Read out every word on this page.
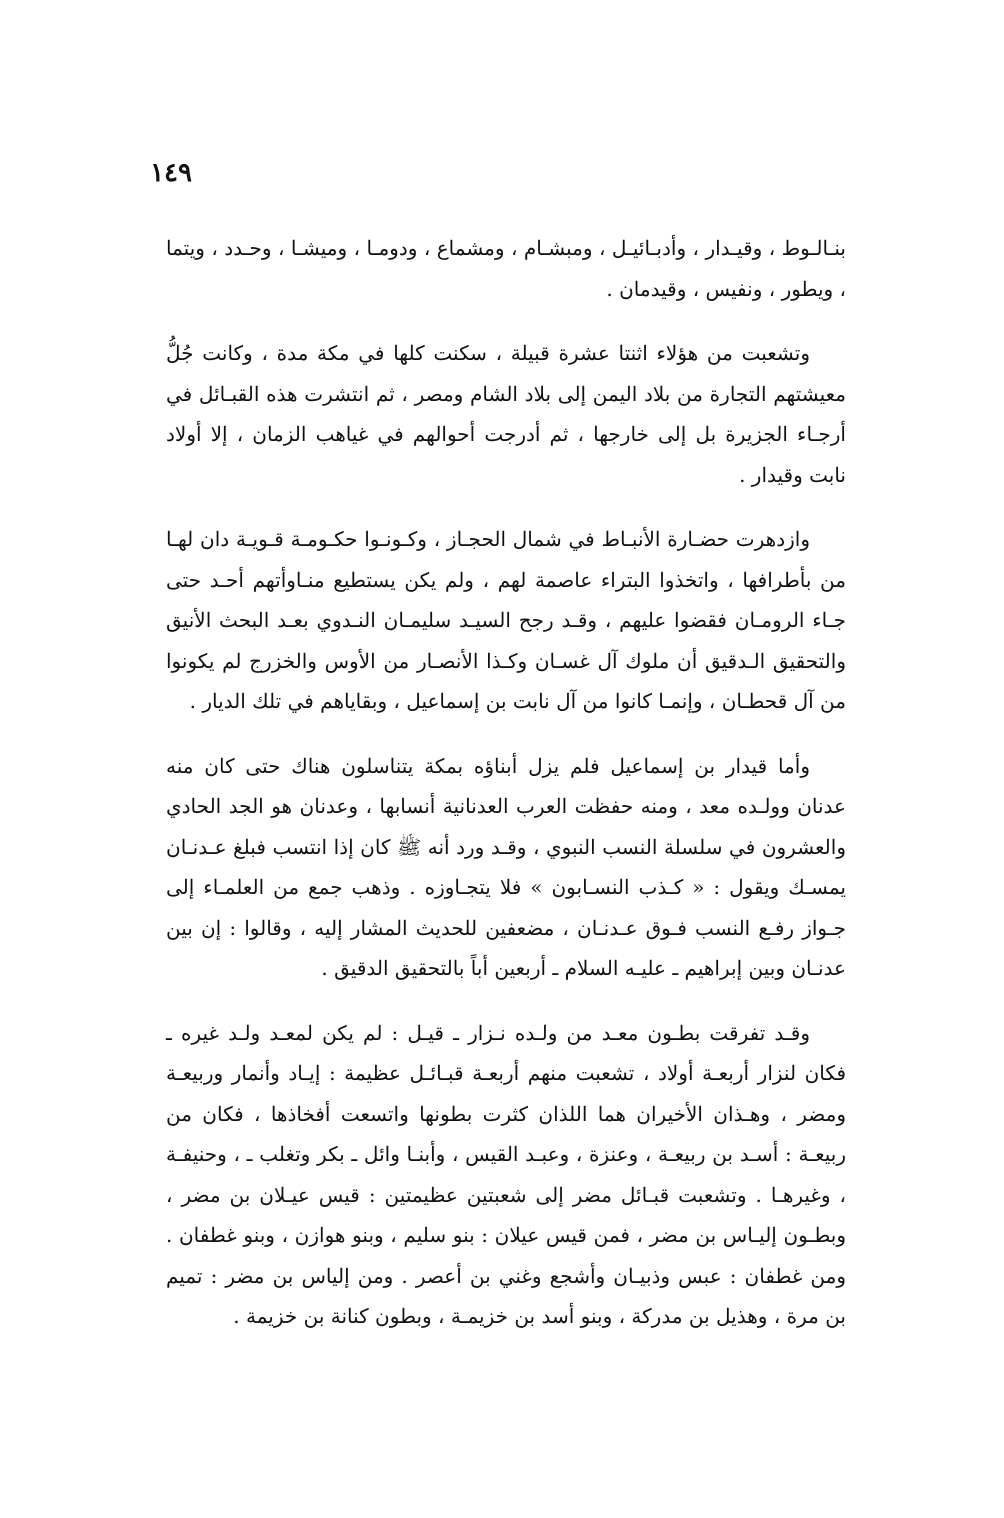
١٤٩

بنـالـوط ، وقيـدار ، وأدبـائيـل ، ومبشـام ، ومشماع ، ودومـا ، وميشـا ، وحـدد ، ويتما ، ويطور ، ونفيس ، وقيدمان .

وتشعبت من هؤلاء اثنتا عشرة قبيلة ، سكنت كلها في مكة مدة ، وكانت جُلُّ معيشتهم التجارة من بلاد اليمن إلى بلاد الشام ومصر ، ثم انتشرت هذه القبـائل في أرجـاء الجزيرة بل إلى خارجها ، ثم أدرجت أحوالهم في غياهب الزمان ، إلا أولاد نابت وقيدار .

وازدهرت حضـارة الأنبـاط في شمال الحجـاز ، وكـونـوا حكـومـة قـويـة دان لهـا من بأطرافها ، واتخذوا البتراء عاصمة لهم ، ولم يكن يستطيع منـاوأتهم أحـد حتى جـاء الرومـان فقضوا عليهم ، وقـد رجح السيـد سليمـان النـدوي بعـد البحث الأنيق والتحقيق الـدقيق أن ملوك آل غسـان وكـذا الأنصـار من الأوس والخزرج لم يكونوا من آل قحطـان ، وإنمـا كانوا من آل نابت بن إسماعيل ، وبقاياهم في تلك الديار .

وأما قيدار بن إسماعيل فلم يزل أبناؤه بمكة يتناسلون هناك حتى كان منه عدنان وولـده معد ، ومنه حفظت العرب العدنانية أنسابها ، وعدنان هو الجد الحادي والعشرون في سلسلة النسب النبوي ، وقـد ورد أنه ﷺ كان إذا انتسب فبلغ عـدنـان يمسـك ويقول : « كـذب النسـابون » فلا يتجـاوزه . وذهب جمع من العلمـاء إلى جـواز رفـع النسب فـوق عـدنـان ، مضعفين للحديث المشار إليه ، وقالوا : إن بين عدنـان وبين إبراهيم ـ عليـه السلام ـ أربعين أباً بالتحقيق الدقيق .

وقـد تفرقت بطـون معـد من ولـده نـزار ـ قيـل : لم يكن لمعـد ولـد غيره ـ فكان لنزار أربعـة أولاد ، تشعبت منهم أربعـة قبـائـل عظيمة : إيـاد وأنمار وربيعـة ومضر ، وهـذان الأخيران هما اللذان كثرت بطونها واتسعت أفخاذها ، فكان من ربيعـة : أسـد بن ربيعـة ، وعنزة ، وعبـد القيس ، وأبنـا وائل ـ بكر وتغلب ـ ، وحنيفـة ، وغيرهـا . وتشعبت قبـائل مضر إلى شعبتين عظيمتين : قيس عيـلان بن مضر ، وبطـون إليـاس بن مضر ، فمن قيس عيلان : بنو سليم ، وبنو هوازن ، وبنو غطفان . ومن غطفان : عبس وذبيـان وأشجع وغني بن أعصر . ومن إلياس بن مضر : تميم بن مرة ، وهذيل بن مدركة ، وبنو أسد بن خزيمـة ، وبطون كنانة بن خزيمة .
